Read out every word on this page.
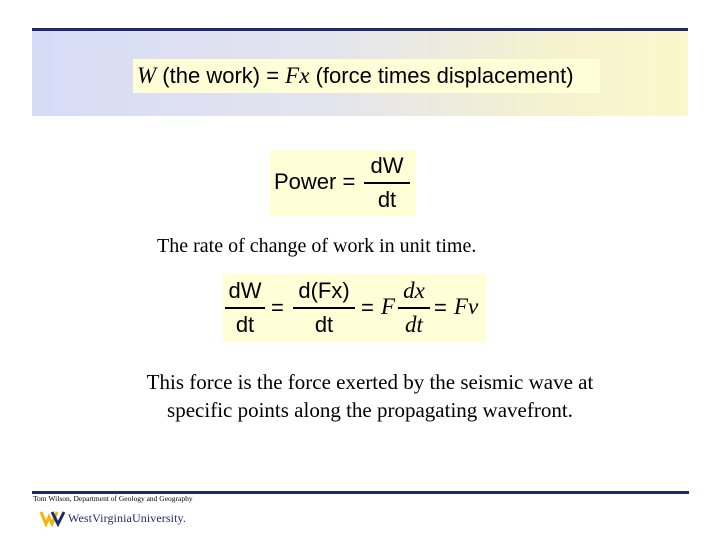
W (the work) = Fx (force times displacement)
Power =
dW
dt
The rate of change of work in unit time.
dW
dt
=
d(Fx)
dt
= F
dx
dt
= Fv
This force is the force exerted by the seismic wave at
specific points along the propagating wavefront.
Tom Wilson, Department of Geology and Geography
WestVirginiaUniversity.
